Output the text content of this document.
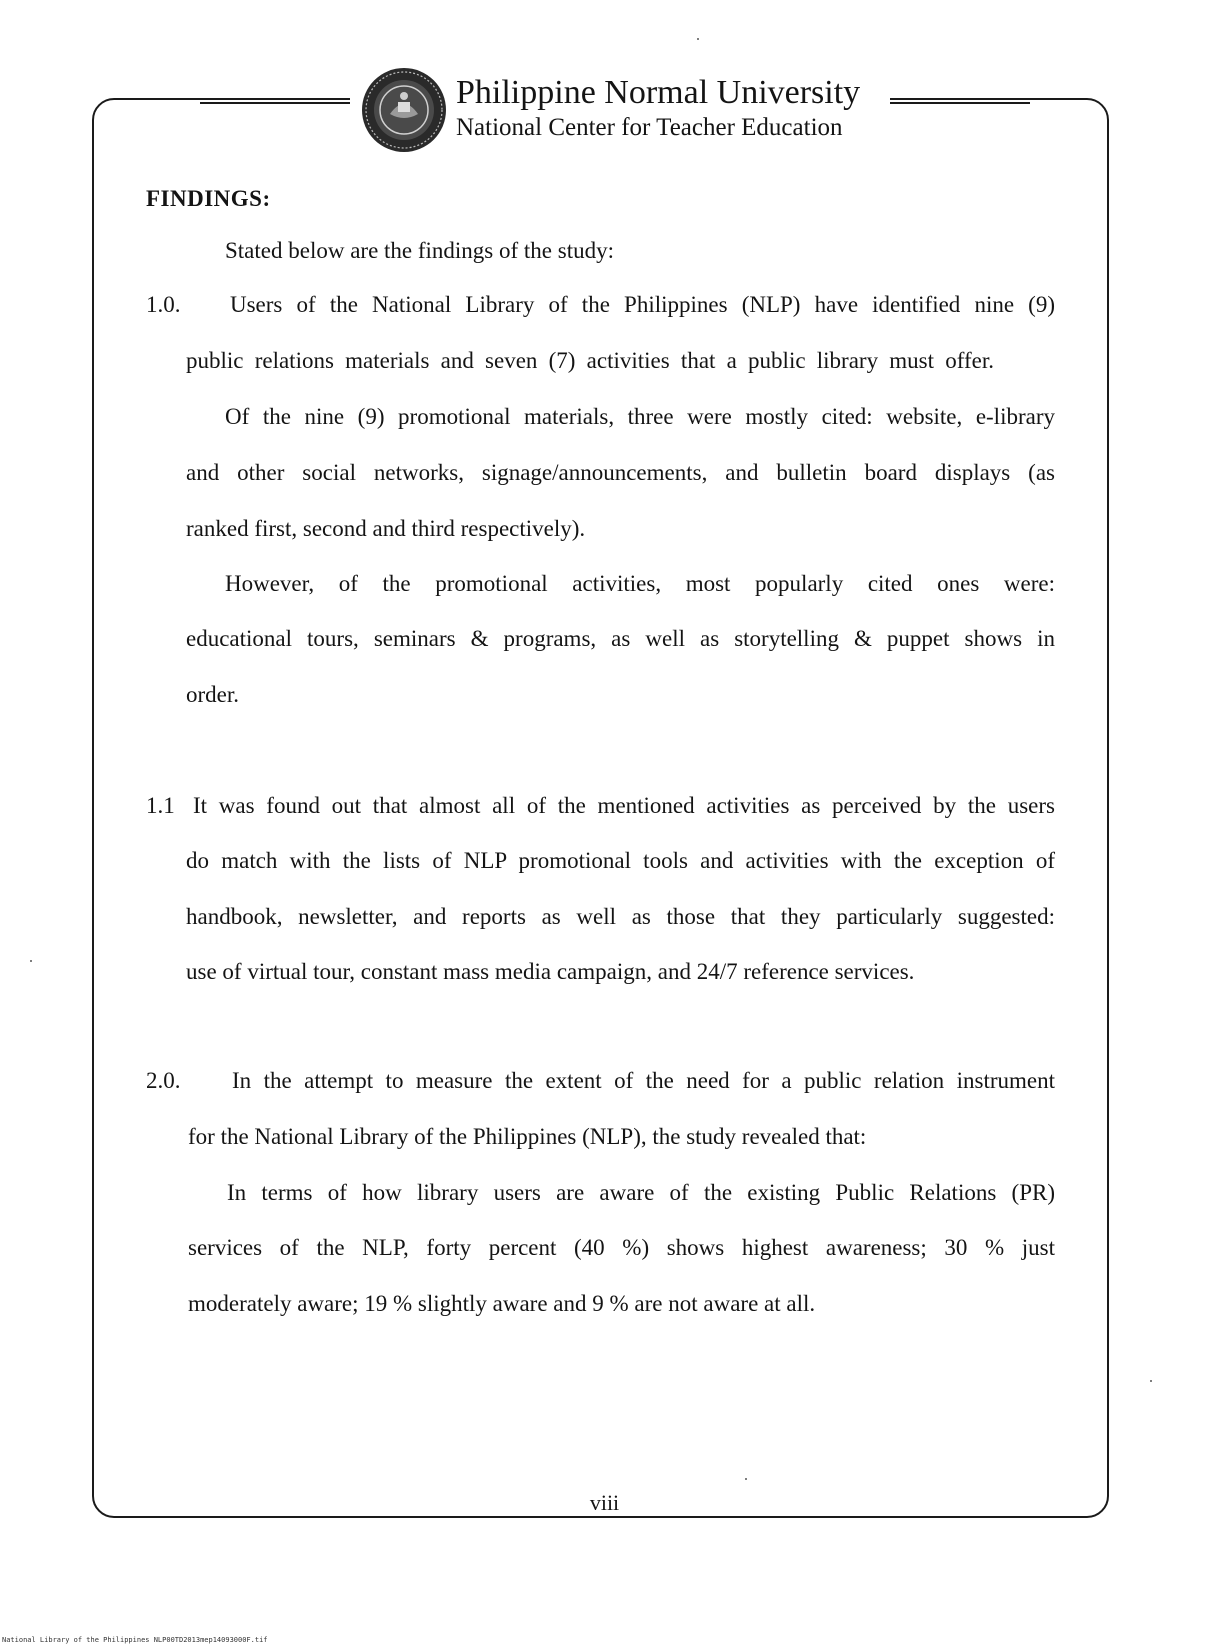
Philippine Normal University
National Center for Teacher Education
FINDINGS:
Stated below are the findings of the study:
1.0. Users of the National Library of the Philippines (NLP) have identified nine (9)
public relations materials and seven (7) activities that a public library must offer.
Of the nine (9) promotional materials, three were mostly cited: website, e-library
and other social networks, signage/announcements, and bulletin board displays (as
ranked first, second and third respectively).
However, of the promotional activities, most popularly cited ones were:
educational tours, seminars & programs, as well as storytelling & puppet shows in
order.
1.1 It was found out that almost all of the mentioned activities as perceived by the users
do match with the lists of NLP promotional tools and activities with the exception of
handbook, newsletter, and reports as well as those that they particularly suggested:
use of virtual tour, constant mass media campaign, and 24/7 reference services.
2.0. In the attempt to measure the extent of the need for a public relation instrument
for the National Library of the Philippines (NLP), the study revealed that:
In terms of how library users are aware of the existing Public Relations (PR)
services of the NLP, forty percent (40 %) shows highest awareness; 30 % just
moderately aware; 19 % slightly aware and 9 % are not aware at all.
viii
National Library of the Philippines NLP00TD2013mep14093000F.tif
